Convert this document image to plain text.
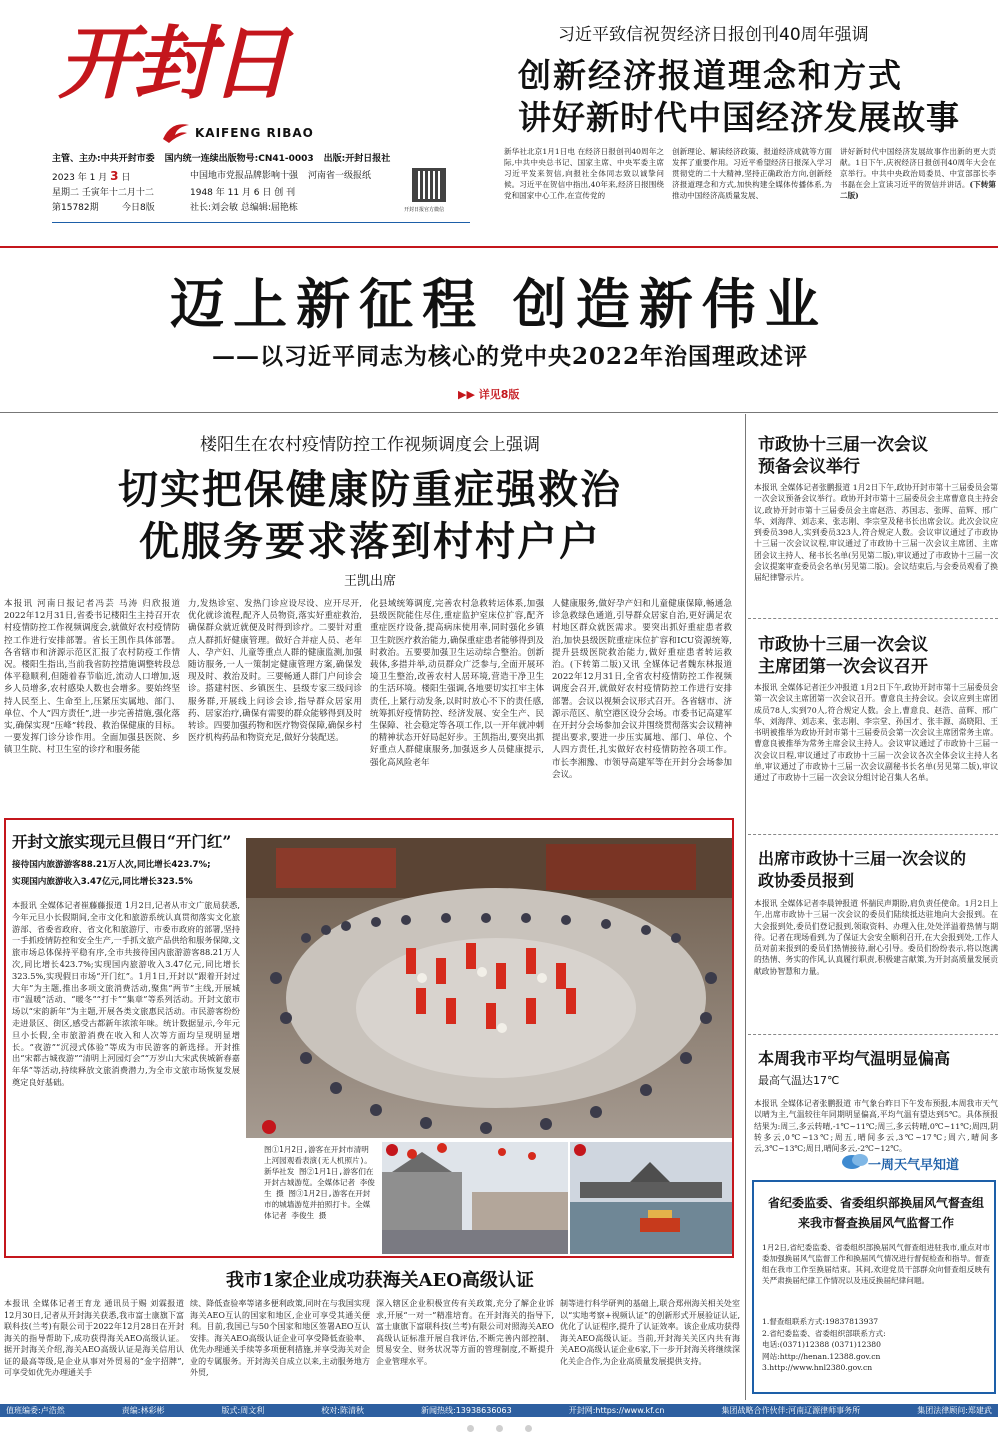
开封日
KAIFENG RIBAO
主管、主办:中共开封市委 国内统一连续出版物号:CN41-0003 出版:开封日报社
2023 年 1 月 3 日	中国地市党报品牌影响十强 河南省一级报纸
星期二 壬寅年十二月十二	1948 年 11 月 6 日 创 刊
第15782期	今日8版	社长:刘会敏 总编辑:屈艳栋	开封日报官方微信
习近平致信祝贺经济日报创刊40周年强调
创新经济报道理念和方式
讲好新时代中国经济发展故事
新华社北京1月1日电 在经济日报创刊40周年之际,中共中央总书记、国家主席、中央军委主席习近平发来贺信,向报社全体同志致以诚挚问候。习近平在贺信中指出,40年来,经济日报围绕党和国家中心工作,在宣传党的
创新理论、解读经济政策、报道经济成就等方面发挥了重要作用。习近平希望经济日报深入学习贯彻党的二十大精神,坚持正确政治方向,创新经济报道理念和方式,加快构建全媒体传播体系,为推动中国经济高质量发展、
讲好新时代中国经济发展故事作出新的更大贡献。1日下午,庆祝经济日报创刊40周年大会在京举行。中共中央政治局委员、中宣部部长李书磊在会上宣读习近平的贺信并讲话。(下转第二版)
迈上新征程 创造新伟业
——以习近平同志为核心的党中央2022年治国理政述评
▶▶ 详见8版
楼阳生在农村疫情防控工作视频调度会上强调
切实把保健康防重症强救治
优服务要求落到村村户户
王凯出席
本报讯 河南日报记者冯芸 马涛 归欣报道 2022年12月31日,省委书记楼阳生主持召开农村疫情防控工作视频调度会,就做好农村疫情防控工作进行安排部署。省长王凯作具体部署。各省辖市和济源示范区汇报了农村防疫工作情况。楼阳生指出,当前我省防控措施调整转段总体平稳顺利,但随着春节临近,流动人口增加,返乡人员增多,农村感染人数也会增多。要始终坚持人民至上、生命至上,压紧压实属地、部门、单位、个人“四方责任”,进一步完善措施,强化落实,确保实现“压峰”转段、救治保健康的目标。一要发挥门诊分诊作用。全面加强县医院、乡镇卫生院、村卫生室的诊疗和服务能
力,发热诊室、发热门诊应设尽设、应开尽开,优化就诊流程,配齐人员物资,落实好重症救治,确保群众就近就便及时得到诊疗。二要针对重点人群抓好健康管理。做好合并症人员、老年人、孕产妇、儿童等重点人群的健康监测,加强随访服务,一人一策制定健康管理方案,确保发现及时、救治及时。三要畅通人群门户问诊会诊。搭建村医、乡镇医生、县级专家三级问诊服务群,开展线上问诊会诊,指导群众居家用药、居家治疗,确保有需要的群众能够得到及时转诊。四要加强药物和医疗物资保障,确保乡村医疗机构药品和物资充足,做好分装配送。
化县域统筹调度,完善农村急救转运体系,加强县级医院能住尽住,重症监护室床位扩容,配齐重症医疗设备,提高病床使用率,同时强化乡镇卫生院医疗救治能力,确保重症患者能够得到及时救治。五要要加强卫生运动综合整治。创新载体,多措并举,动员群众广泛参与,全面开展环境卫生整治,改善农村人居环境,营造干净卫生的生活环境。楼阳生强调,各地要切实扛牢主体责任,上紧行动发条,以时时放心不下的责任感,统筹抓好疫情防控、经济发展、安全生产、民生保障、社会稳定等各项工作,以一开年就冲刺的精神状态开好局起好步。王凯指出,要突出抓好重点人群健康服务,加强返乡人员健康提示,强化高风险老年
人健康服务,做好孕产妇和儿童健康保障,畅通急诊急救绿色通道,引导群众居家自治,更好满足农村地区群众就医需求。要突出抓好重症患者救治,加快县级医院重症床位扩容和ICU资源统筹,提升县级医院救治能力,做好重症患者转运救治。(下转第二版)又讯 全媒体记者魏东林报道 2022年12月31日,全省农村疫情防控工作视频调度会召开,就做好农村疫情防控工作进行安排部署。会议以视频会议形式召开。各省辖市、济源示范区、航空港区设分会场。市委书记高建军在开封分会场参加会议并围绕贯彻落实会议精神提出要求,要进一步压实属地、部门、单位、个人四方责任,扎实做好农村疫情防控各项工作。市长李湘豫、市领导高建军等在开封分会场参加会议。
开封文旅实现元旦假日“开门红”
接待国内旅游游客88.21万人次,同比增长423.7%;
实现国内旅游收入3.47亿元,同比增长323.5%
本报讯 全媒体记者崔藤藤报道 1月2日,记者从市文广旅局获悉,今年元旦小长假期间,全市文化和旅游系统认真贯彻落实文化旅游部、省委省政府、省文化和旅游厅、市委市政府的部署,坚持一手抓疫情防控和安全生产,一手抓文旅产品供给和服务保障,文旅市场总体保持平稳有序,全市共接待国内旅游游客88.21万人次,同比增长423.7%;实现国内旅游收入3.47亿元,同比增长323.5%,实现假日市场“开门红”。1月1日,开封以“跟着开封过大年”为主题,推出多项文旅消费活动,聚焦“两节”主线,开展城市“温暖”活动、“暖冬”“打卡”“集章”等系列活动。开封文旅市场以“宋韵新年”为主题,开展各类文旅惠民活动。市民游客纷纷走进景区、街区,感受古都新年浓浓年味。统计数据显示,今年元旦小长假,全市旅游消费在收入和人次等方面均呈现明显增长。“夜游”“沉浸式体验”等成为市民游客的新选择。开封推出“宋都古城夜游”“清明上河园灯会”“万岁山大宋武侠城新春嘉年华”等活动,持续释放文旅消费潜力,为全市文旅市场恢复发展奠定良好基础。
图①1月2日,游客在开封市清明上河园观看表演(无人机照片)。新华社发 图②1月1日,游客们在开封古城游览。全媒体记者 李俊生 摄 图③1月2日,游客在开封市的城墙游览并拍照打卡。全媒体记者 李俊生 摄
我市1家企业成功获海关AEO高级认证
本报讯 全媒体记者王育龙 通讯员于赐 刘霖报道 12月30日,记者从开封海关获悉,我市富士康旗下富联科技(兰考)有限公司于2022年12月28日在开封海关的指导帮助下,成功获得海关AEO高级认证。据开封海关介绍,海关AEO高级认证是海关信用认证的最高等级,是企业从事对外贸易的“金字招牌”,可享受如优先办理通关手
续、降低查验率等诸多便利政策,同时在与我国实现海关AEO互认的国家和地区,企业可享受其通关便利。目前,我国已与50个国家和地区签署AEO互认安排。海关AEO高级认证企业可享受降低查验率、优先办理通关手续等多项便利措施,并享受海关对企业的专属服务。开封海关自成立以来,主动服务地方外贸,
深入辖区企业积极宣传有关政策,充分了解企业诉求,开展“一对一”精准培育。在开封海关的指导下,富士康旗下富联科技(兰考)有限公司对照海关AEO高级认证标准开展自我评估,不断完善内部控制、贸易安全、财务状况等方面的管理制度,不断提升企业管理水平。
制等进行科学研判的基础上,联合郑州海关相关处室以“实地考察+视频认证”的创新形式开展验证认证,优化了认证程序,提升了认证效率。该企业成功获得海关AEO高级认证。当前,开封海关关区内共有海关AEO高级认证企业6家,下一步开封海关将继续深化关企合作,为企业高质量发展提供支持。
市政协十三届一次会议
预备会议举行
本报讯 全媒体记者张鹏报道 1月2日下午,政协开封市第十三届委员会第一次会议预备会议举行。政协开封市第十三届委员会主席曹意良主持会议,政协开封市第十三届委员会主席赵浩、苏国志、张晖、苗辉、邢广华、刘海萍、刘志来、张志刚、李宗堂及秘书长出席会议。此次会议应到委员398人,实到委员323人,符合规定人数。会议审议通过了市政协十三届一次会议议程,审议通过了市政协十三届一次会议主席团、主席团会议主持人、秘书长名单(另见第二版),审议通过了市政协十三届一次会议提案审查委员会名单(另见第二版)。会议结束后,与会委员观看了换届纪律警示片。
市政协十三届一次会议
主席团第一次会议召开
本报讯 全媒体记者汪少冲报道 1月2日下午,政协开封市第十三届委员会第一次会议主席团第一次会议召开。曹意良主持会议。会议应到主席团成员78人,实到70人,符合规定人数。会上,曹意良、赵浩、苗辉、邢广华、刘海萍、刘志来、张志刚、李宗堂、孙国才、张丰源、高晓阳、王书明被推举为政协开封市第十三届委员会第一次会议主席团常务主席。曹意良被推举为常务主席会议主持人。会议审议通过了市政协十三届一次会议日程,审议通过了市政协十三届一次会议各次全体会议主持人名单,审议通过了市政协十三届一次会议副秘书长名单(另见第二版),审议通过了市政协十三届一次会议分组讨论召集人名单。
出席市政协十三届一次会议的
政协委员报到
本报讯 全媒体记者李晨钟报道 怀揣民声期盼,肩负责任使命。1月2日上午,出席市政协十三届一次会议的委员们陆续抵达驻地向大会报到。在大会报到处,委员们登记报到,领取资料、办理入住,处处洋溢着热情与期待。记者在现场看到,为了保证大会安全顺利召开,在大会报到处,工作人员对前来报到的委员们热情接待,耐心引导。委员们纷纷表示,将以饱满的热情、务实的作风,认真履行职责,积极建言献策,为开封高质量发展贡献政协智慧和力量。
本周我市平均气温明显偏高
最高气温达17℃
本报讯 全媒体记者张鹏报道 市气象台昨日下午发布预报,本周我市天气以晴为主,气温较往年同期明显偏高,平均气温有望达到5℃。具体预报结果为:周三,多云转晴,-1℃~11℃;周三,多云转晴,0℃~11℃;周四,阴转多云,0℃~13℃;周五,晴间多云,3℃~17℃;周六,晴间多云,3℃~13℃;周日,晴间多云,-2℃~12℃。
一周天气早知道
省纪委监委、省委组织部换届风气督查组
来我市督查换届风气监督工作
1月2日,省纪委监委、省委组织部换届风气督查组进驻我市,重点对市委加强换届风气监督工作和换届风气情况进行督促检查和指导。督查组在我市工作至换届结束。其间,欢迎党员干部群众向督查组反映有关严肃换届纪律工作情况以及违反换届纪律问题。
1.督查组联系方式:19837813937
2.省纪委监委、省委组织部联系方式:
电话:(0371)12388 (0371)12380
网站:http://henan.12388.gov.cn
3.http://www.hnl2380.gov.cn
值班编委:卢浩然	责编:林彩彬	版式:周文利	校对:陈清秋	新闻热线:13938636063	开封网:https://www.kf.cn	集团战略合作伙伴:河南辽源律师事务所	集团法律顾问:郑建武
